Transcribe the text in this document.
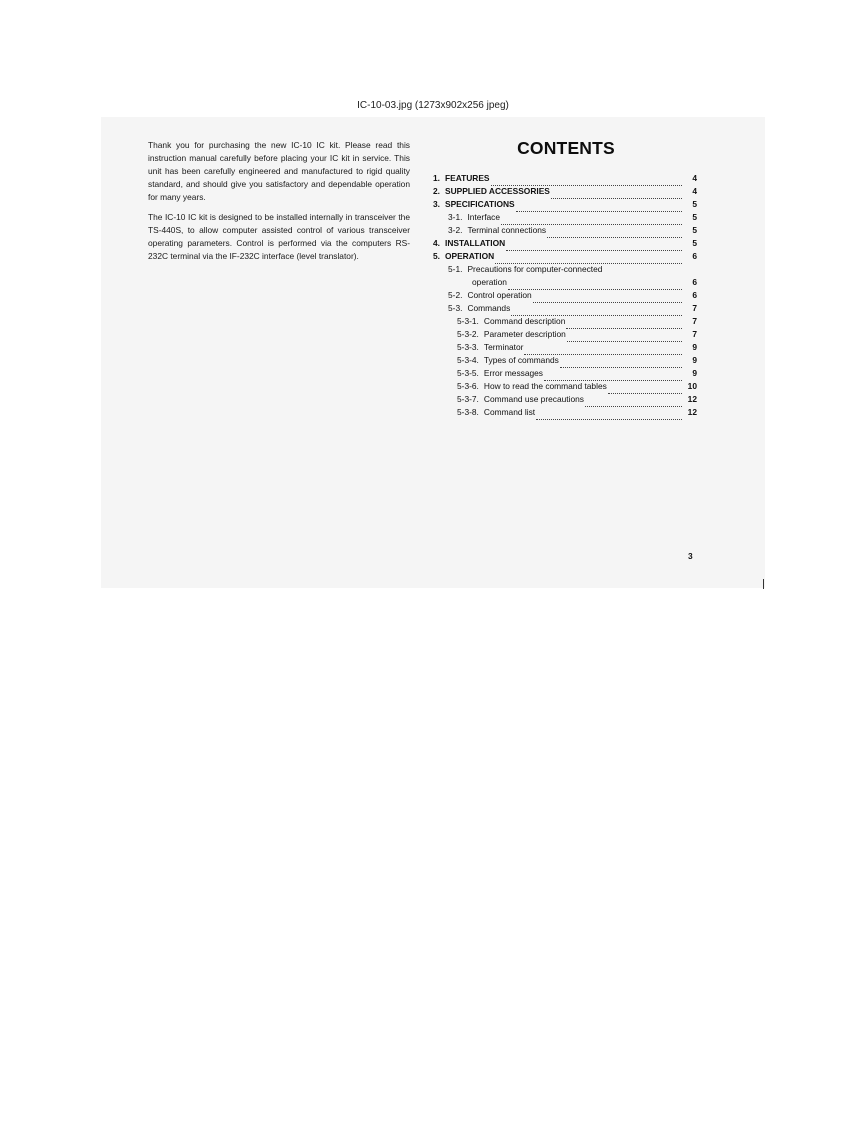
IC-10-03.jpg (1273x902x256 jpeg)

Thank you for purchasing the new IC-10 IC kit. Please read this instruction manual carefully before placing your IC kit in service. This unit has been carefully engineered and manufactured to rigid quality standard, and should give you satisfactory and dependable operation for many years.

The IC-10 IC kit is designed to be installed internally in transceiver the TS-440S, to allow computer assisted control of various transceiver operating parameters. Control is performed via the computers RS-232C terminal via the IF-232C interface (level translator).

CONTENTS
1. FEATURES	4
2. SUPPLIED ACCESSORIES	4
3. SPECIFICATIONS	5
3-1. Interface	5
3-2. Terminal connections	5
4. INSTALLATION	5
5. OPERATION	6
5-1. Precautions for computer-connected
operation	6
5-2. Control operation	6
5-3. Commands	7
5-3-1. Command description	7
5-3-2. Parameter description	7
5-3-3. Terminator	9
5-3-4. Types of commands	9
5-3-5. Error messages	9
5-3-6. How to read the command tables	10
5-3-7. Command use precautions	12
5-3-8. Command list	12
3
